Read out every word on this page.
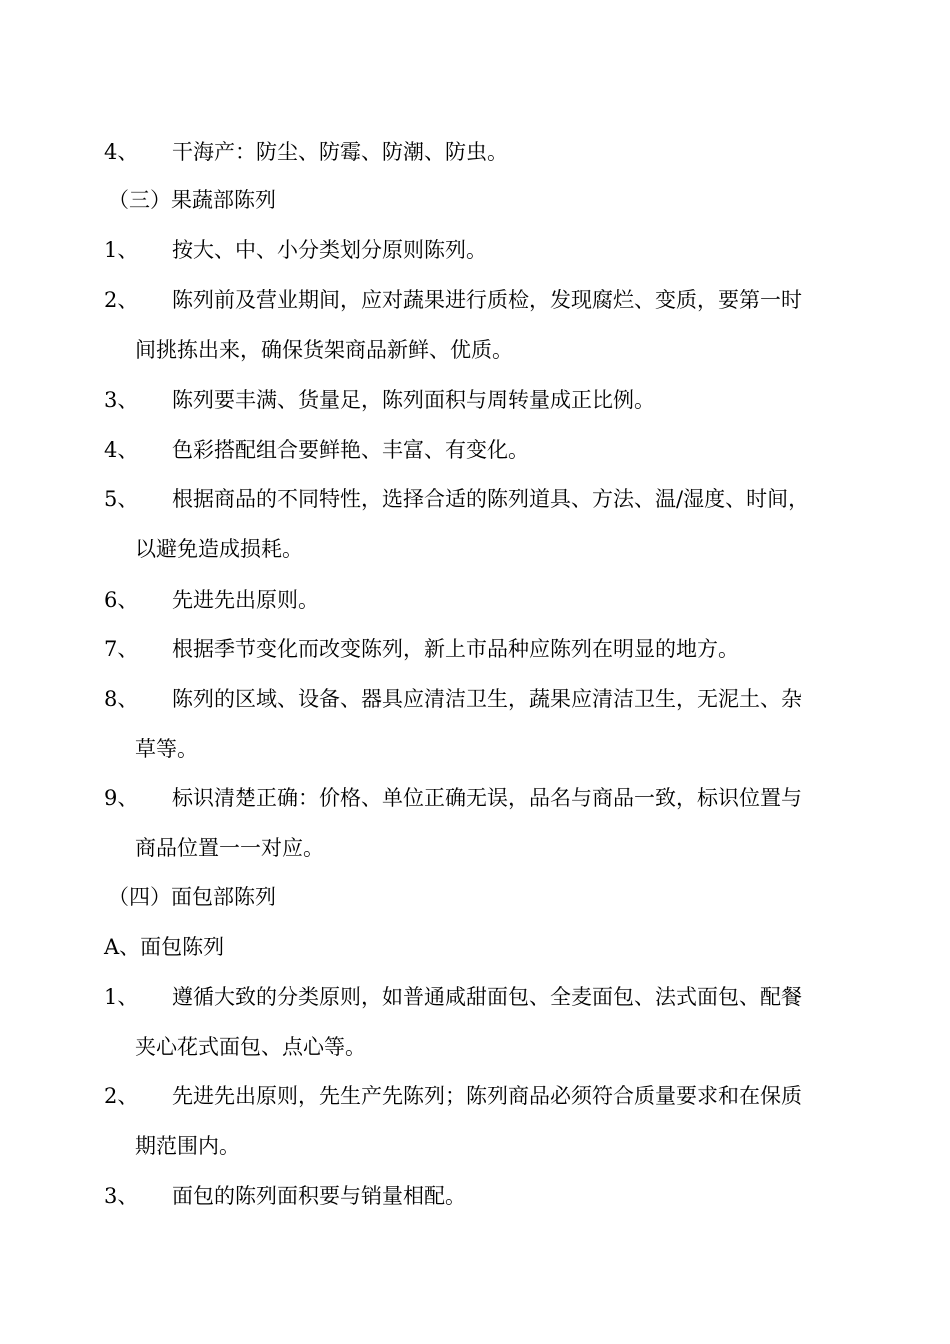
4、 干海产：防尘、防霉、防潮、防虫。
（三）果蔬部陈列
1、 按大、中、小分类划分原则陈列。
2、 陈列前及营业期间，应对蔬果进行质检，发现腐烂、变质，要第一时
间挑拣出来，确保货架商品新鲜、优质。
3、 陈列要丰满、货量足，陈列面积与周转量成正比例。
4、 色彩搭配组合要鲜艳、丰富、有变化。
5、 根据商品的不同特性，选择合适的陈列道具、方法、温/湿度、时间，
以避免造成损耗。
6、 先进先出原则。
7、 根据季节变化而改变陈列，新上市品种应陈列在明显的地方。
8、 陈列的区域、设备、器具应清洁卫生，蔬果应清洁卫生，无泥土、杂
草等。
9、 标识清楚正确：价格、单位正确无误，品名与商品一致，标识位置与
商品位置一一对应。
（四）面包部陈列
A、面包陈列
1、 遵循大致的分类原则，如普通咸甜面包、全麦面包、法式面包、配餐
夹心花式面包、点心等。
2、 先进先出原则，先生产先陈列；陈列商品必须符合质量要求和在保质
期范围内。
3、 面包的陈列面积要与销量相配。
